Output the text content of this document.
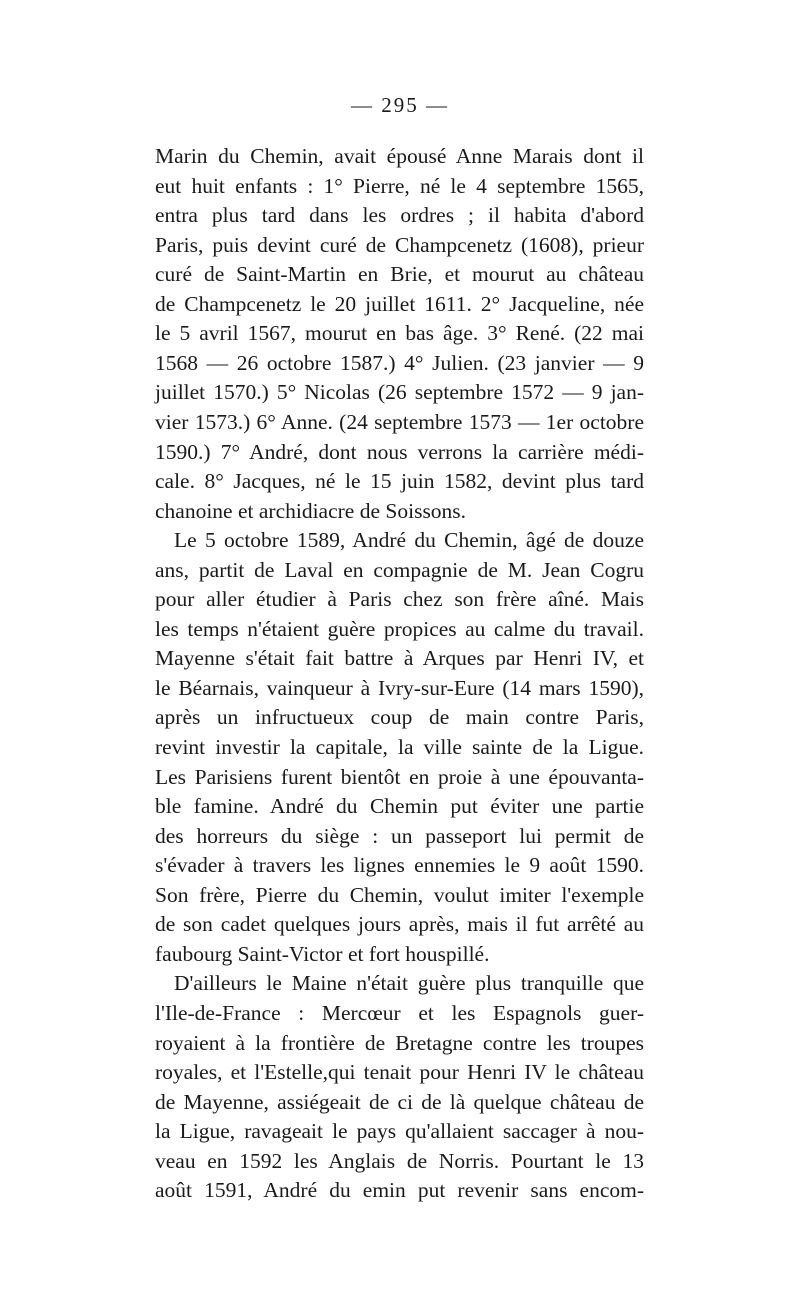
— 295 —
Marin du Chemin, avait épousé Anne Marais dont il
eut huit enfants : 1° Pierre, né le 4 septembre 1565,
entra plus tard dans les ordres ; il habita d'abord
Paris, puis devint curé de Champcenetz (1608), prieur
curé de Saint-Martin en Brie, et mourut au château
de Champcenetz le 20 juillet 1611. 2° Jacqueline, née
le 5 avril 1567, mourut en bas âge. 3° René. (22 mai
1568 — 26 octobre 1587.) 4° Julien. (23 janvier — 9
juillet 1570.) 5° Nicolas (26 septembre 1572 — 9 jan-
vier 1573.) 6° Anne. (24 septembre 1573 — 1er octobre
1590.) 7° André, dont nous verrons la carrière médi-
cale. 8° Jacques, né le 15 juin 1582, devint plus tard
chanoine et archidiacre de Soissons.
Le 5 octobre 1589, André du Chemin, âgé de douze
ans, partit de Laval en compagnie de M. Jean Cogru
pour aller étudier à Paris chez son frère aîné. Mais
les temps n'étaient guère propices au calme du travail.
Mayenne s'était fait battre à Arques par Henri IV, et
le Béarnais, vainqueur à Ivry-sur-Eure (14 mars 1590),
après un infructueux coup de main contre Paris,
revint investir la capitale, la ville sainte de la Ligue.
Les Parisiens furent bientôt en proie à une épouvanta-
ble famine. André du Chemin put éviter une partie
des horreurs du siège : un passeport lui permit de
s'évader à travers les lignes ennemies le 9 août 1590.
Son frère, Pierre du Chemin, voulut imiter l'exemple
de son cadet quelques jours après, mais il fut arrêté au
faubourg Saint-Victor et fort houspillé.
D'ailleurs le Maine n'était guère plus tranquille que
l'Ile-de-France : Mercœur et les Espagnols guer-
royaient à la frontière de Bretagne contre les troupes
royales, et l'Estelle,qui tenait pour Henri IV le château
de Mayenne, assiégeait de ci de là quelque château de
la Ligue, ravageait le pays qu'allaient saccager à nou-
veau en 1592 les Anglais de Norris. Pourtant le 13
août 1591, André du emin put revenir sans encom-
